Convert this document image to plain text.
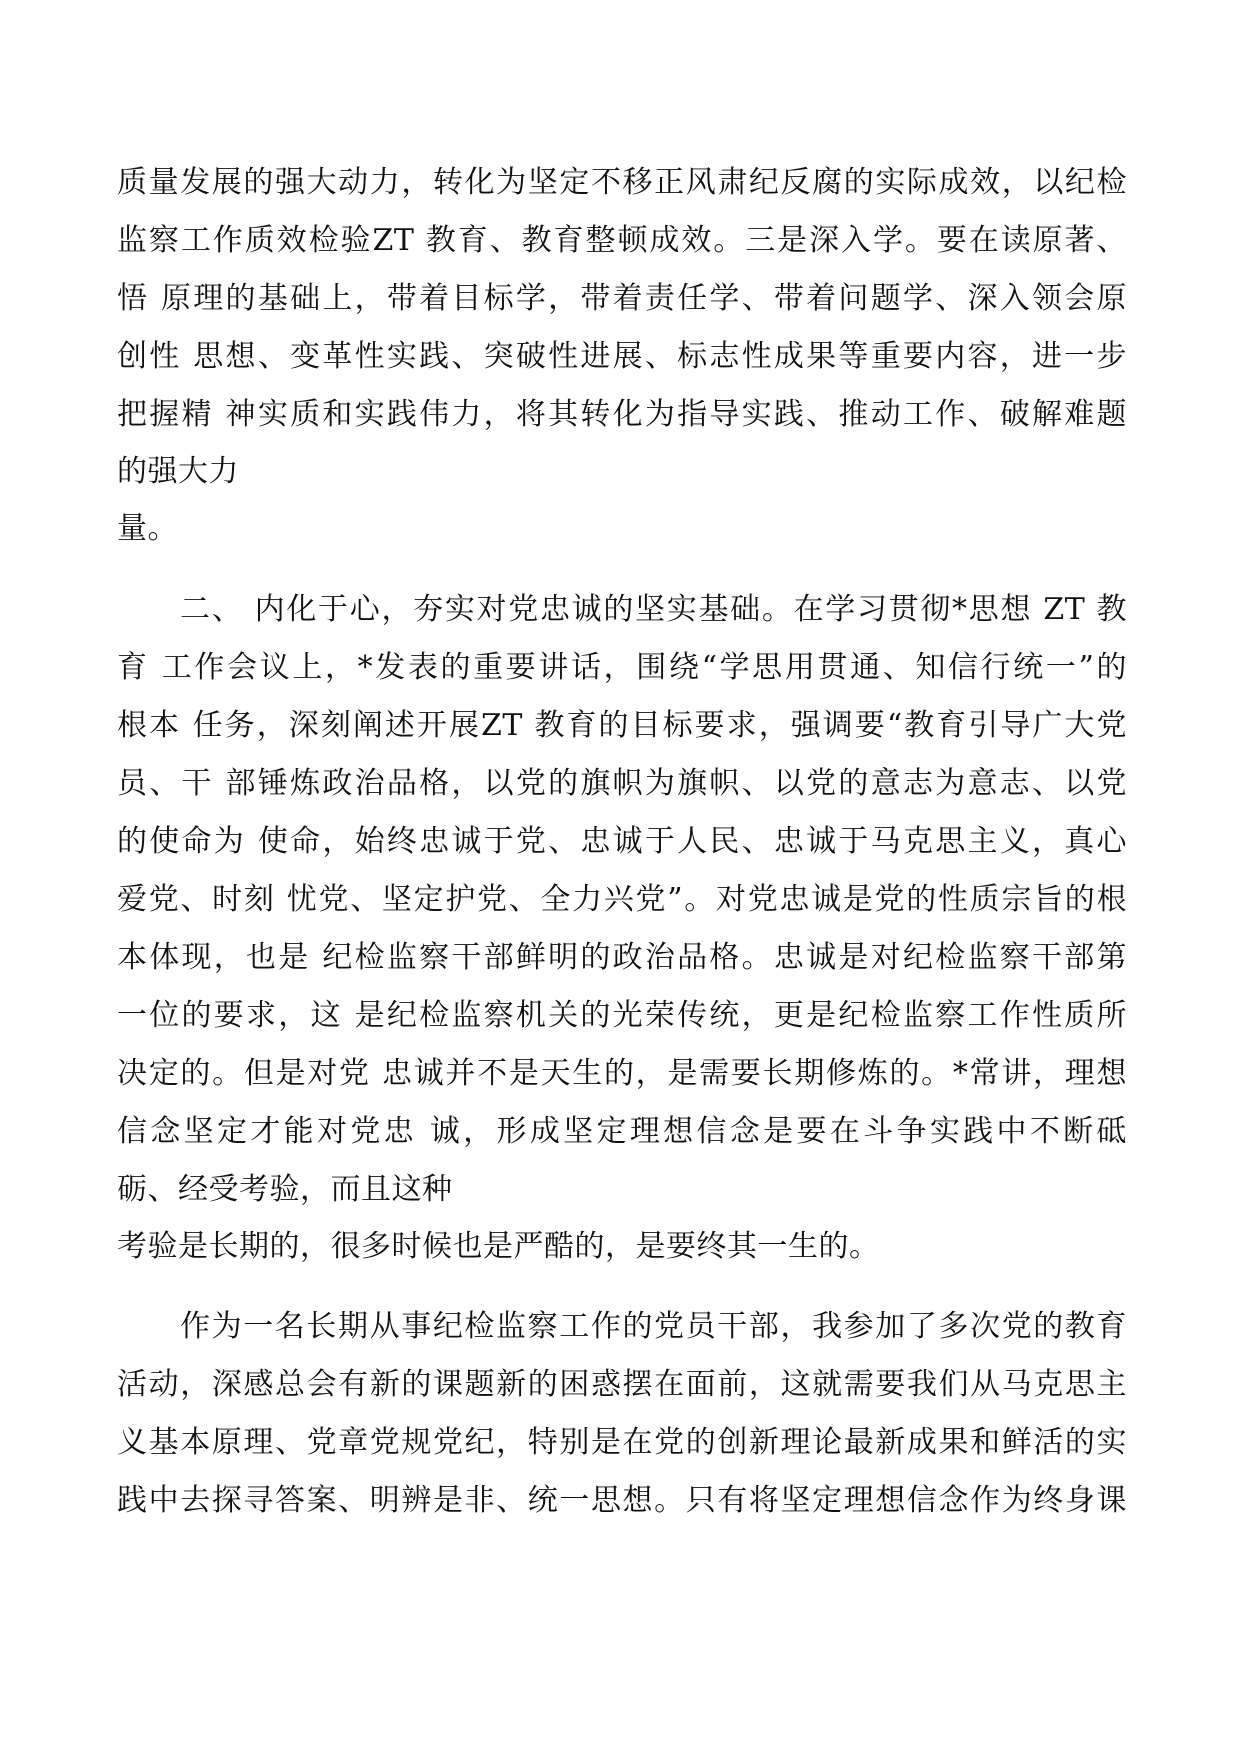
质量发展的强大动力，转化为坚定不移正风肃纪反腐的实际成效，以纪检
监察工作质效检验ZT 教育、教育整顿成效。三是深入学。要在读原著、
悟 原理的基础上，带着目标学，带着责任学、带着问题学、深入领会原
创性 思想、变革性实践、突破性进展、标志性成果等重要内容，进一步
把握精 神实质和实践伟力，将其转化为指导实践、推动工作、破解难题
的强大力
量。
二、 内化于心，夯实对党忠诚的坚实基础。在学习贯彻*思想 ZT 教
育 工作会议上，*发表的重要讲话，围绕“学思用贯通、知信行统一”的
根本 任务，深刻阐述开展ZT 教育的目标要求，强调要“教育引导广大党
员、干 部锤炼政治品格，以党的旗帜为旗帜、以党的意志为意志、以党
的使命为 使命，始终忠诚于党、忠诚于人民、忠诚于马克思主义，真心
爱党、时刻 忧党、坚定护党、全力兴党”。对党忠诚是党的性质宗旨的根
本体现，也是 纪检监察干部鲜明的政治品格。忠诚是对纪检监察干部第
一位的要求，这 是纪检监察机关的光荣传统，更是纪检监察工作性质所
决定的。但是对党 忠诚并不是天生的，是需要长期修炼的。*常讲，理想
信念坚定才能对党忠 诚，形成坚定理想信念是要在斗争实践中不断砥
砺、经受考验，而且这种
考验是长期的，很多时候也是严酷的，是要终其一生的。
作为一名长期从事纪检监察工作的党员干部，我参加了多次党的教育
活动，深感总会有新的课题新的困惑摆在面前，这就需要我们从马克思主
义基本原理、党章党规党纪，特别是在党的创新理论最新成果和鲜活的实
践中去探寻答案、明辨是非、统一思想。只有将坚定理想信念作为终身课
